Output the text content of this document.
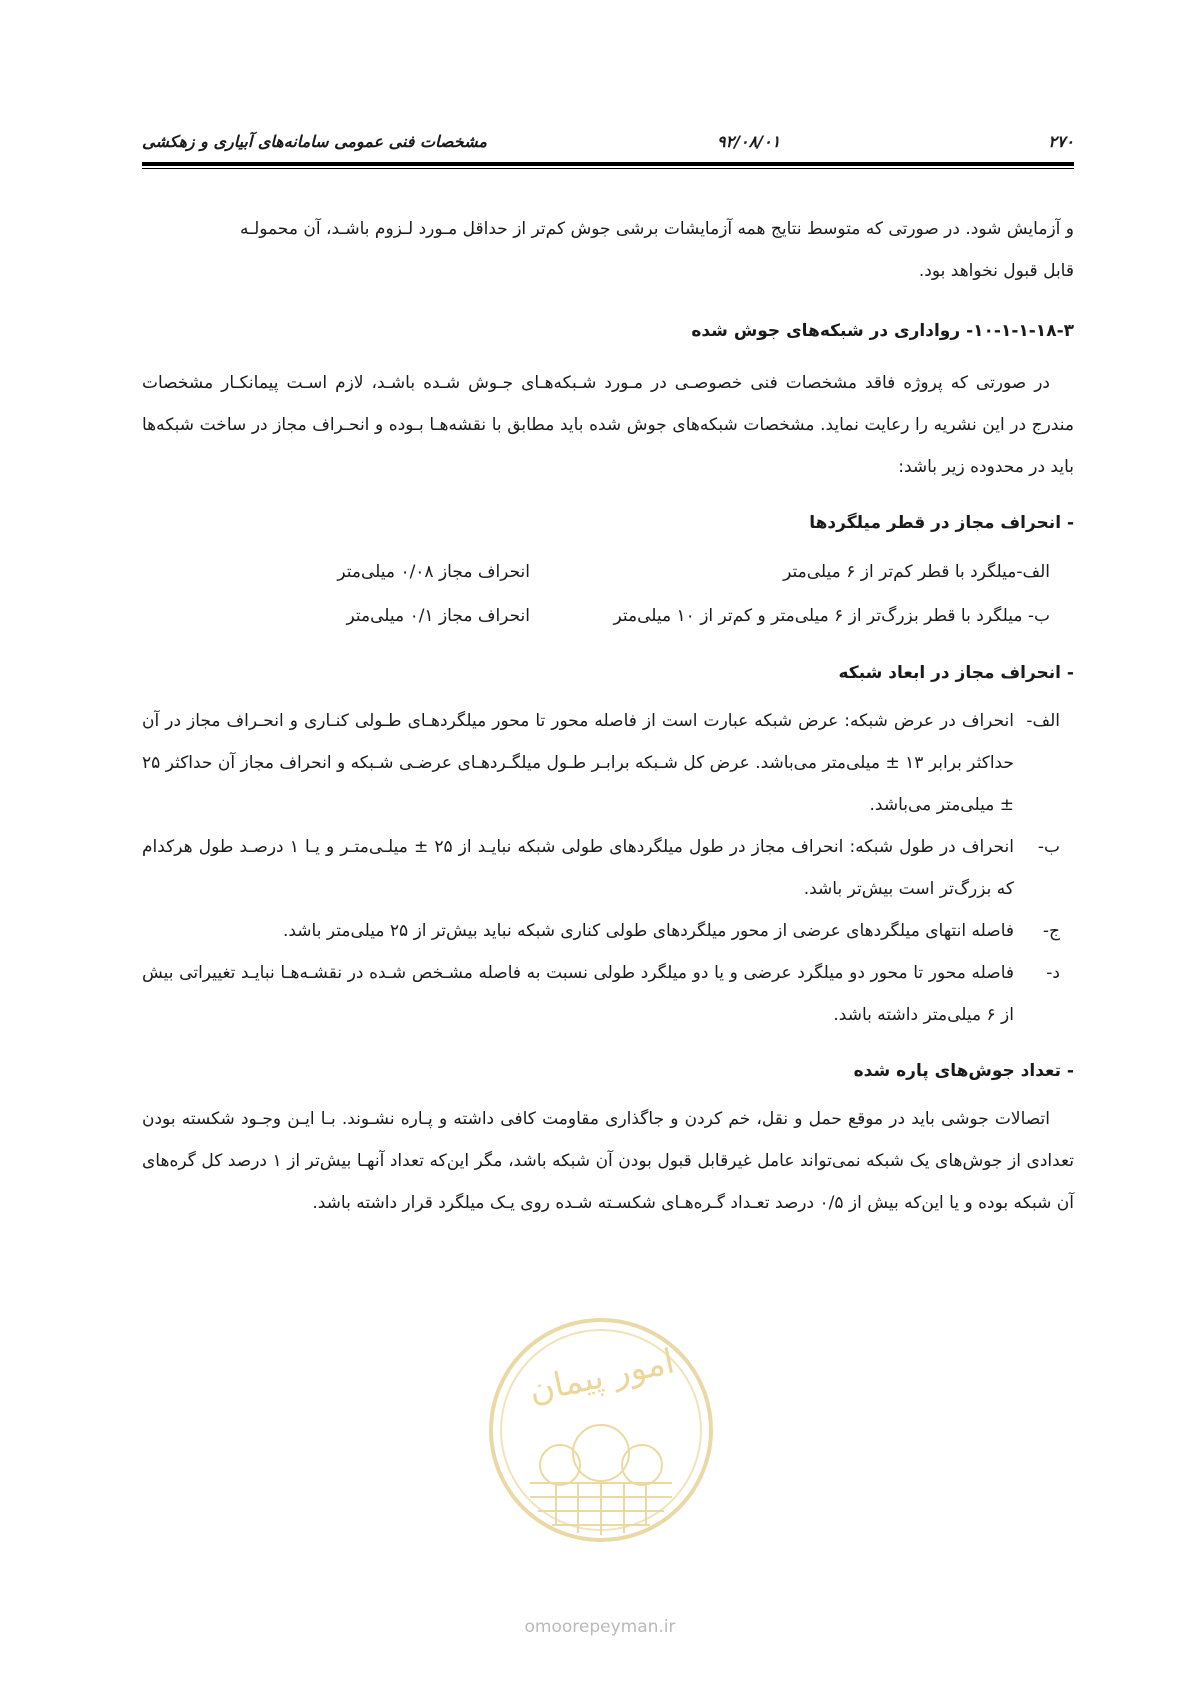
۲۷۰
۹۲/۰۸/۰۱
مشخصات فنی عمومی سامانه‌های آبیاری و زهکشی

و آزمایش شود. در صورتی که متوسط نتایج همه آزمایشات برشی جوش کم‌تر از حداقل مـورد لـزوم باشـد، آن محمولـه

قابل قبول نخواهد بود.

۱۰-۱-۱-۱۸-۳- رواداری در شبکه‌های جوش شده

در صورتی که پروژه فاقد مشخصات فنی خصوصـی در مـورد شـبکه‌هـای جـوش شـده باشـد، لازم اسـت پیمانکـار مشخصات مندرج در این نشریه را رعایت نماید. مشخصات شبکه‌های جوش شده باید مطابق با نقشه‌هـا بـوده و انحـراف مجاز در ساخت شبکه‌ها باید در محدوده زیر باشد:

- انحراف مجاز در قطر میلگردها

الف-میلگرد با قطر کم‌تر از ۶ میلی‌متر
انحراف مجاز ۰/۰۸ میلی‌متر
ب- میلگرد با قطر بزرگ‌تر از ۶ میلی‌متر و کم‌تر از ۱۰ میلی‌متر
انحراف مجاز ۰/۱ میلی‌متر

- انحراف مجاز در ابعاد شبکه

الف-

انحراف در عرض شبکه: عرض شبکه عبارت است از فاصله محور تا محور میلگردهـای طـولی کنـاری و انحـراف مجاز در آن حداکثر برابر ۱۳ ± میلی‌متر می‌باشد. عرض کل شـبکه برابـر طـول میلگـردهـای عرضـی شـبکه و انحراف مجاز آن حداکثر ۲۵ ± میلی‌متر می‌باشد.

ب-

انحراف در طول شبکه: انحراف مجاز در طول میلگردهای طولی شبکه نبایـد از ۲۵ ± میلـی‌متـر و یـا ۱ درصـد طول هرکدام که بزرگ‌تر است بیش‌تر باشد.

ج-

فاصله انتهای میلگردهای عرضی از محور میلگردهای طولی کناری شبکه نباید بیش‌تر از ۲۵ میلی‌متر باشد.

د-

فاصله محور تا محور دو میلگرد عرضی و یا دو میلگرد طولی نسبت به فاصله مشـخص شـده در نقشـه‌هـا نبایـد تغییراتی بیش از ۶ میلی‌متر داشته باشد.

- تعداد جوش‌های پاره شده

اتصالات جوشی باید در موقع حمل و نقل، خم کردن و جاگذاری مقاومت کافی داشته و پـاره نشـوند. بـا ایـن وجـود شکسته بودن تعدادی از جوش‌های یک شبکه نمی‌تواند عامل غیرقابل قبول بودن آن شبکه باشد، مگر این‌که تعداد آنهـا بیش‌تر از ۱ درصد کل گره‌های آن شبکه بوده و یا این‌که بیش از ۰/۵ درصد تعـداد گـره‌هـای شکسـته شـده روی یـک میلگرد قرار داشته باشد.

امور پیمان
omoorepeyman.ir
